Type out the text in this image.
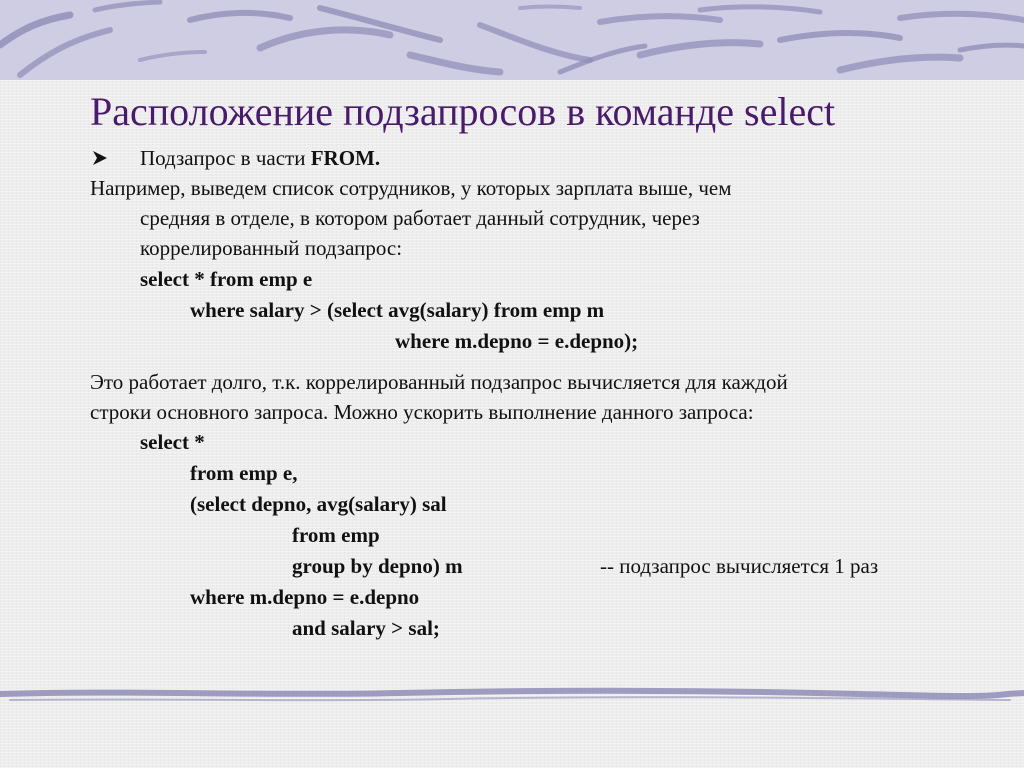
Расположение подзапросов в команде select
Подзапрос в части FROM.
Например, выведем список сотрудников, у которых зарплата выше, чем
средняя в отделе, в котором работает данный сотрудник, через
коррелированный подзапрос:
select * from emp e
where salary > (select avg(salary) from emp m
where m.depno = e.depno);
Это работает долго, т.к. коррелированный подзапрос вычисляется для каждой
строки основного запроса. Можно ускорить выполнение данного запроса:
select *
from emp e,
(select depno, avg(salary) sal
from emp
group by depno) m	-- подзапрос вычисляется 1 раз
where m.depno = e.depno
and salary > sal;
